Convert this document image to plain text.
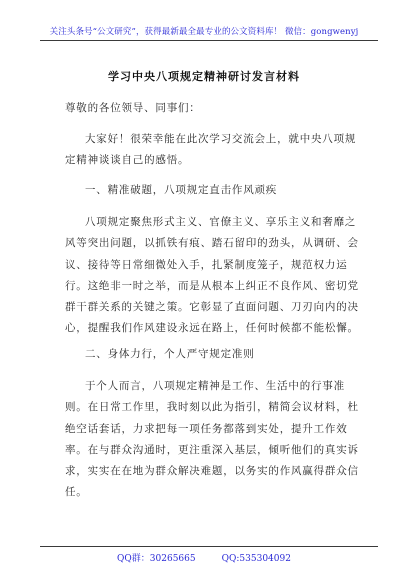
关注头条号“公文研究”，获得最新最全最专业的公文资料库！ 微信：gongwenyj
学习中央八项规定精神研讨发言材料

尊敬的各位领导、同事们：

大家好！很荣幸能在此次学习交流会上，就中央八项规定精神谈谈自己的感悟。

一、精准破题，八项规定直击作风顽疾

八项规定聚焦形式主义、官僚主义、享乐主义和奢靡之风等突出问题，以抓铁有痕、踏石留印的劲头，从调研、会议、接待等日常细微处入手，扎紧制度笼子，规范权力运行。这绝非一时之举，而是从根本上纠正不良作风、密切党群干群关系的关键之策。它彰显了直面问题、刀刃向内的决心，提醒我们作风建设永远在路上，任何时候都不能松懈。

二、身体力行，个人严守规定准则

于个人而言，八项规定精神是工作、生活中的行事准则。在日常工作里，我时刻以此为指引，精简会议材料，杜绝空话套话，力求把每一项任务都落到实处，提升工作效率。在与群众沟通时，更注重深入基层，倾听他们的真实诉求，实实在在地为群众解决难题，以务实的作风赢得群众信任。

QQ群：30265665	QQ:535304092
